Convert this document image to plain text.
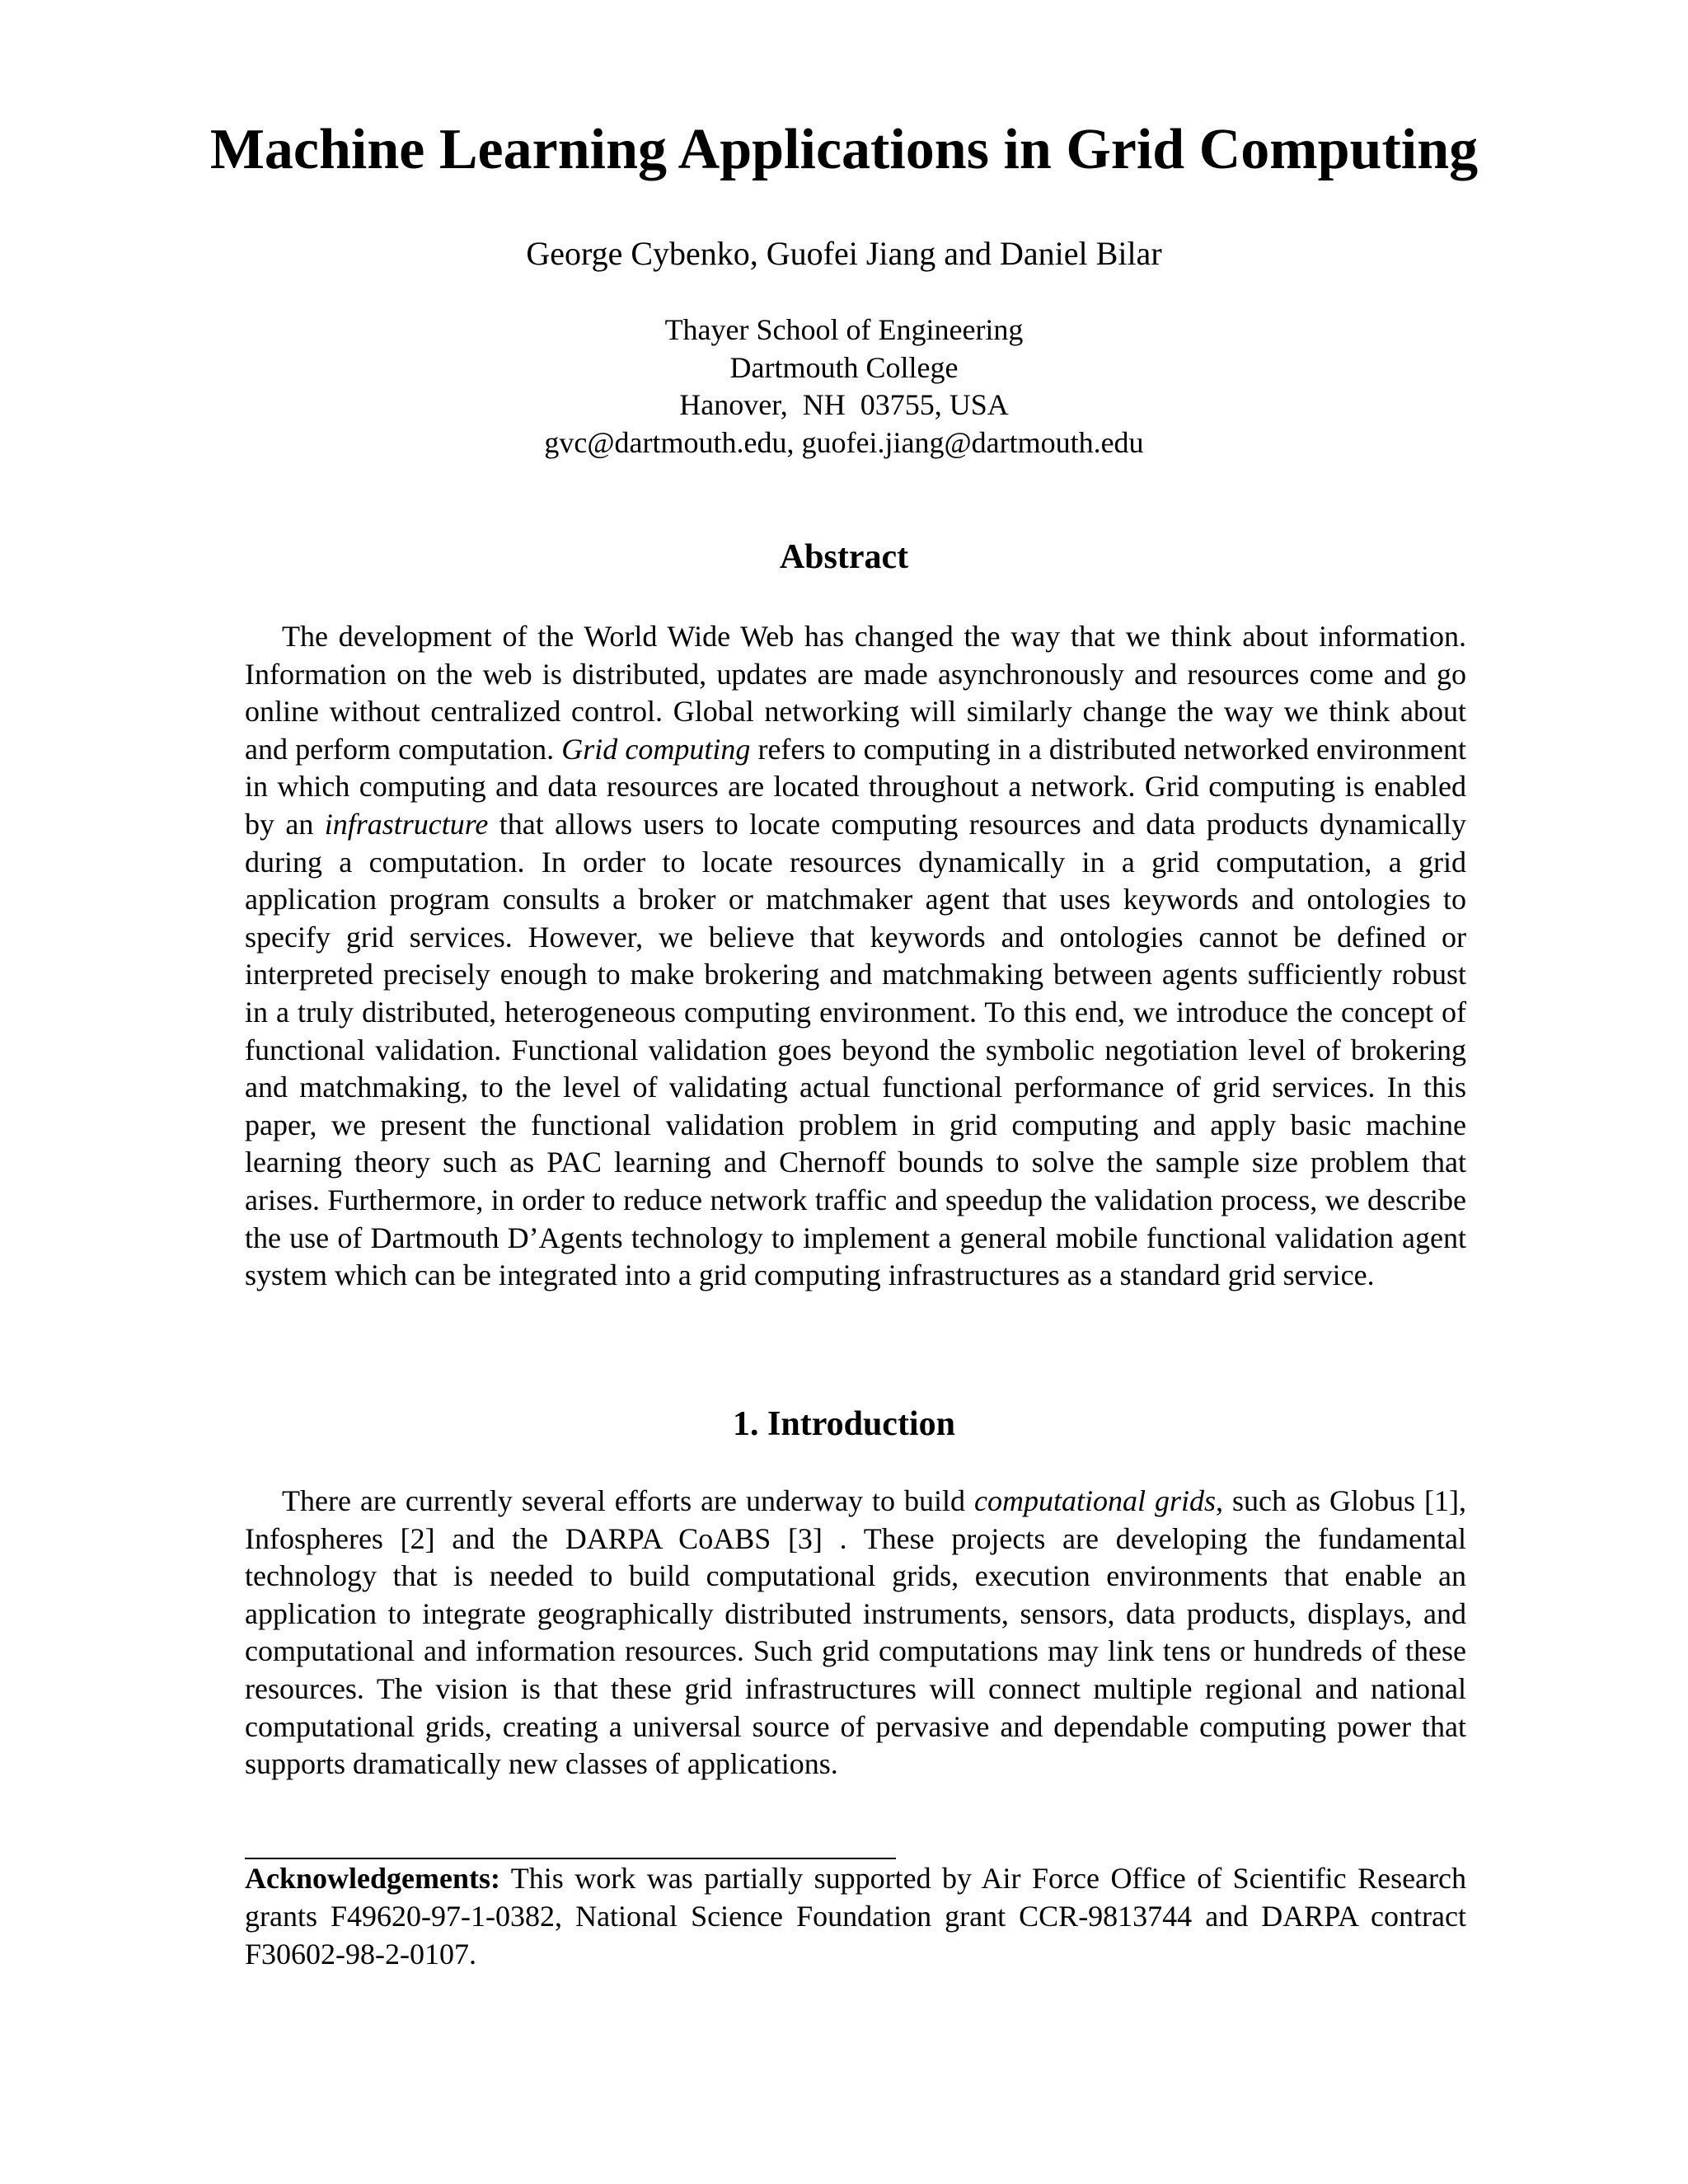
Machine Learning Applications in Grid Computing

George Cybenko, Guofei Jiang and Daniel Bilar

Thayer School of Engineering
Dartmouth College
Hanover,  NH  03755, USA
gvc@dartmouth.edu, guofei.jiang@dartmouth.edu
Abstract

The development of the World Wide Web has changed the way that we think about information. Information on the web is distributed, updates are made asynchronously and resources come and go online without centralized control. Global networking will similarly change the way we think about and perform computation. Grid computing refers to computing in a distributed networked environment in which computing and data resources are located throughout a network. Grid computing is enabled by an infrastructure that allows users to locate computing resources and data products dynamically during a computation. In order to locate resources dynamically in a grid computation, a grid application program consults a broker or matchmaker agent that uses keywords and ontologies to specify grid services. However, we believe that keywords and ontologies cannot be defined or interpreted precisely enough to make brokering and matchmaking between agents sufficiently robust in a truly distributed, heterogeneous computing environment. To this end, we introduce the concept of functional validation. Functional validation goes beyond the symbolic negotiation level of brokering and matchmaking, to the level of validating actual functional performance of grid services. In this paper, we present the functional validation problem in grid computing and apply basic machine learning theory such as PAC learning and Chernoff bounds to solve the sample size problem that arises. Furthermore, in order to reduce network traffic and speedup the validation process, we describe the use of Dartmouth D’Agents technology to implement a general mobile functional validation agent system which can be integrated into a grid computing infrastructures as a standard grid service.

1. Introduction

There are currently several efforts are underway to build computational grids, such as Globus [1], Infospheres [2] and the DARPA CoABS [3] . These projects are developing the fundamental technology that is needed to build computational grids, execution environments that enable an application to integrate geographically distributed instruments, sensors, data products, displays, and computational and information resources. Such grid computations may link tens or hundreds of these resources. The vision is that these grid infrastructures will connect multiple regional and national computational grids, creating a universal source of pervasive and dependable computing power that supports dramatically new classes of applications.

Acknowledgements: This work was partially supported by Air Force Office of Scientific Research grants F49620-97-1-0382, National Science Foundation grant CCR-9813744 and DARPA contract F30602-98-2-0107.
